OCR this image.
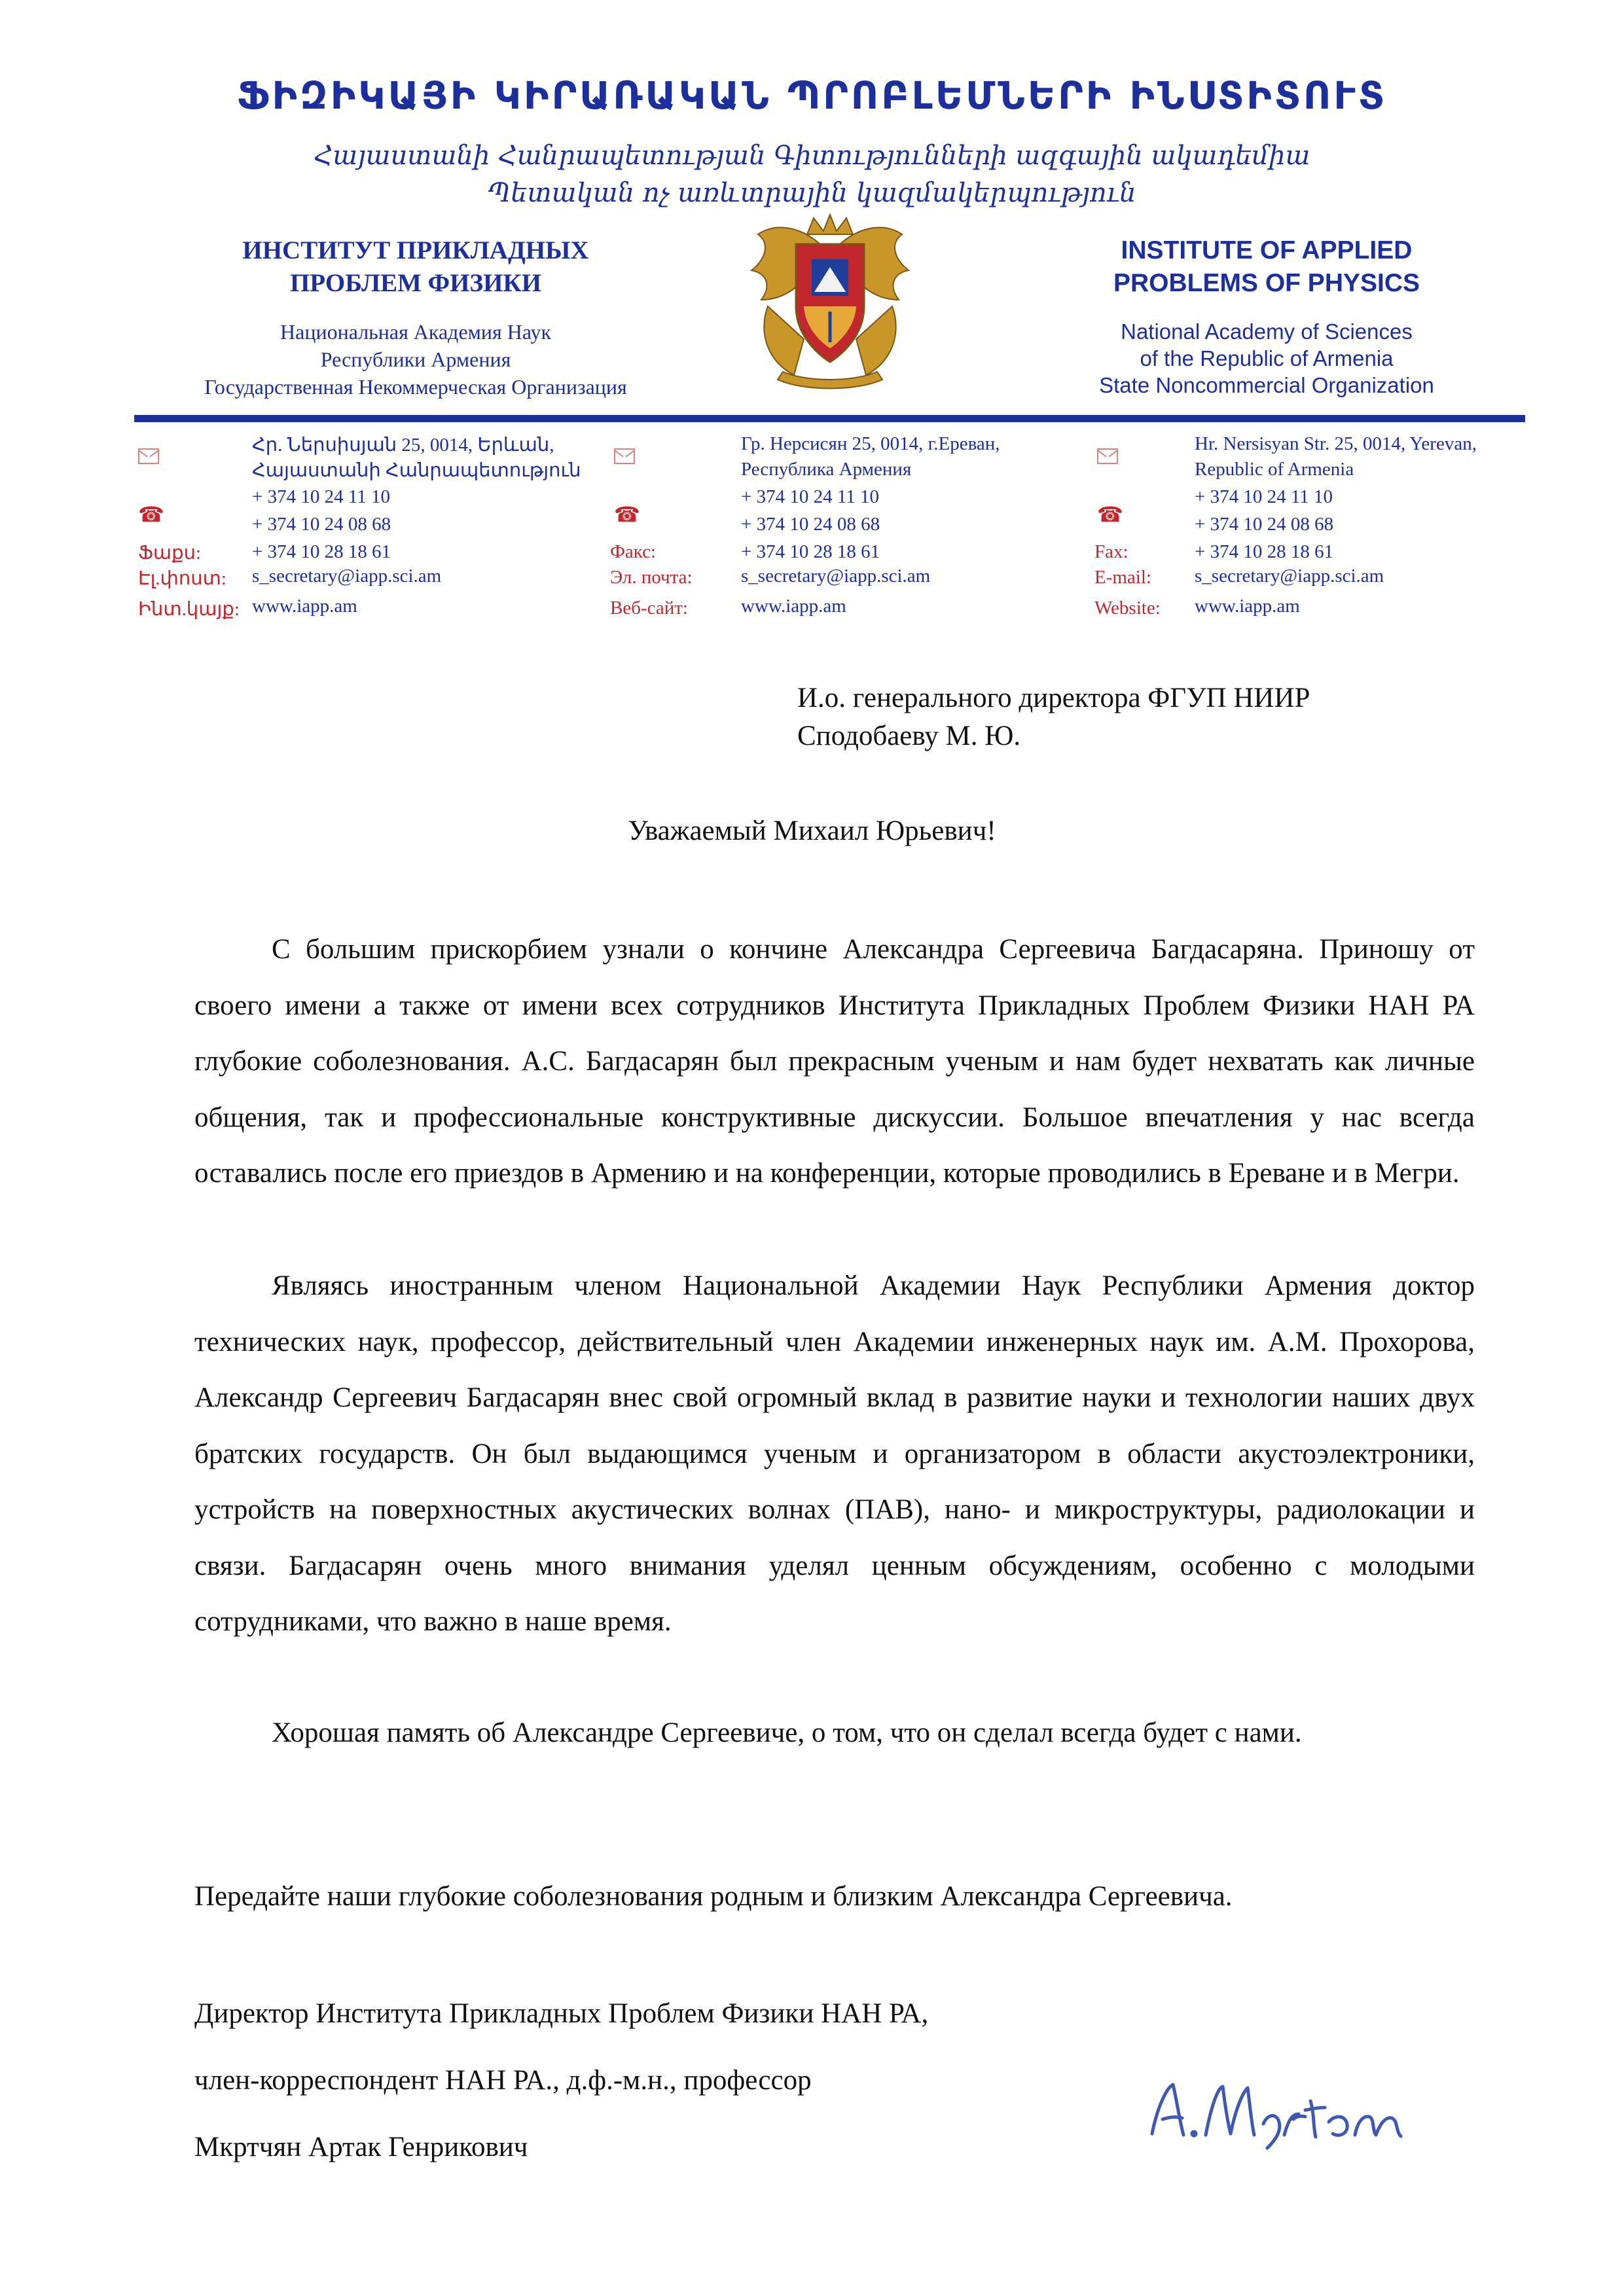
ՖԻԶԻԿԱՅԻ ԿԻՐԱՌԱԿԱՆ ՊՐՈԲԼԵՄՆԵՐԻ ԻՆՍՏԻՏՈՒՏ
Հայաստանի Հանրապետության Գիտությունների ազգային ակադեմիա
Պետական ոչ առևտրային կազմակերպություն
ИНСТИТУТ ПРИКЛАДНЫХ
ПРОБЛЕМ ФИЗИКИ
Национальная Академия Наук
Республики Армения
Государственная Некоммерческая Организация
INSTITUTE OF APPLIED
PROBLEMS OF PHYSICS
National Academy of Sciences
of the Republic of Armenia
State Noncommercial Organization
☎
Ֆաքս:
Էլ.փոստ:
Ինտ.կայք:
Հր. Ներսիսյան 25, 0014, Երևան,
Հայաստանի Հանրապետություն
+ 374 10 24 11 10
+ 374 10 24 08 68
+ 374 10 28 18 61
s_secretary@iapp.sci.am
www.iapp.am
☎
Факс:
Эл. почта:
Веб-сайт:
Гр. Нерсисян 25, 0014, г.Ереван,
Республика Армения
+ 374 10 24 11 10
+ 374 10 24 08 68
+ 374 10 28 18 61
s_secretary@iapp.sci.am
www.iapp.am
☎
Fax:
E-mail:
Website:
Hr. Nersisyan Str. 25, 0014, Yerevan,
Republic of Armenia
+ 374 10 24 11 10
+ 374 10 24 08 68
+ 374 10 28 18 61
s_secretary@iapp.sci.am
www.iapp.am
И.о. генерального директора ФГУП НИИР
Сподобаеву М. Ю.
Уважаемый Михаил Юрьевич!

С большим прискорбием узнали о кончине Александра Сергеевича Багдасаряна. Приношу от своего имени а также от имени всех сотрудников Института Прикладных Проблем Физики НАН РА глубокие соболезнования. А.С. Багдасарян был прекрасным ученым и нам будет нехватать как личные общения, так и профессиональные конструктивные дискуссии. Большое впечатления у нас всегда оставались после его приездов в Армению и на конференции, которые проводились в Ереване и в Мегри.

Являясь иностранным членом Национальной Академии Наук Республики Армения доктор технических наук, профессор, действительный член Академии инженерных наук им. А.М. Прохорова, Александр Сергеевич Багдасарян внес свой огромный вклад в развитие науки и технологии наших двух братских государств. Он был выдающимся ученым и организатором в области акустоэлектроники, устройств на поверхностных акустических волнах (ПАВ), нано- и микроструктуры, радиолокации и связи. Багдасарян очень много внимания уделял ценным обсуждениям, особенно с молодыми сотрудниками, что важно в наше время.

Хорошая память об Александре Сергеевиче, о том, что он сделал всегда будет с нами.

Передайте наши глубокие соболезнования родным и близким Александра Сергеевича.
Директор Института Прикладных Проблем Физики НАН РА,
член-корреспондент НАН РА., д.ф.-м.н., профессор
Мкртчян Артак Генрикович
